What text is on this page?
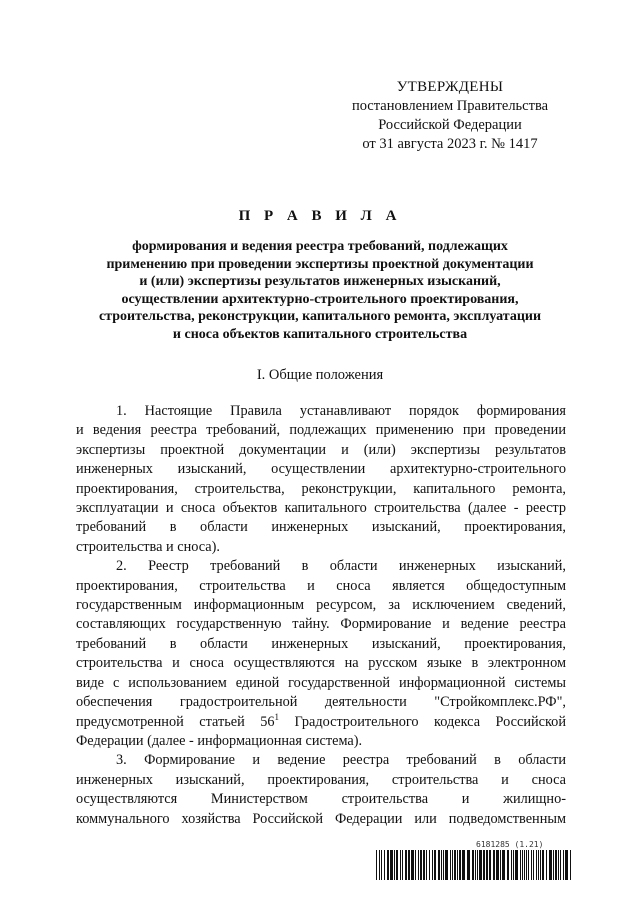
УТВЕРЖДЕНЫ
постановлением Правительства
Российской Федерации
от 31 августа 2023 г. № 1417
П Р А В И Л А
формирования и ведения реестра требований, подлежащих
применению при проведении экспертизы проектной документации
и (или) экспертизы результатов инженерных изысканий,
осуществлении архитектурно-строительного проектирования,
строительства, реконструкции, капитального ремонта, эксплуатации
и сноса объектов капитального строительства
I. Общие положения
1. Настоящие Правила устанавливают порядок формирования
и ведения реестра требований, подлежащих применению при проведении
экспертизы проектной документации и (или) экспертизы результатов
инженерных изысканий, осуществлении архитектурно-строительного
проектирования, строительства, реконструкции, капитального ремонта,
эксплуатации и сноса объектов капитального строительства (далее - реестр
требований в области инженерных изысканий, проектирования,
строительства и сноса).
2. Реестр требований в области инженерных изысканий,
проектирования, строительства и сноса является общедоступным
государственным информационным ресурсом, за исключением сведений,
составляющих государственную тайну. Формирование и ведение реестра
требований в области инженерных изысканий, проектирования,
строительства и сноса осуществляются на русском языке в электронном
виде с использованием единой государственной информационной системы
обеспечения градостроительной деятельности "Стройкомплекс.РФ",
предусмотренной статьей $56^1$ Градостроительного кодекса Российской
Федерации (далее - информационная система).
3. Формирование и ведение реестра требований в области
инженерных изысканий, проектирования, строительства и сноса
осуществляются Министерством строительства и жилищно-
коммунального хозяйства Российской Федерации или подведомственным
6181285 (1.21)
